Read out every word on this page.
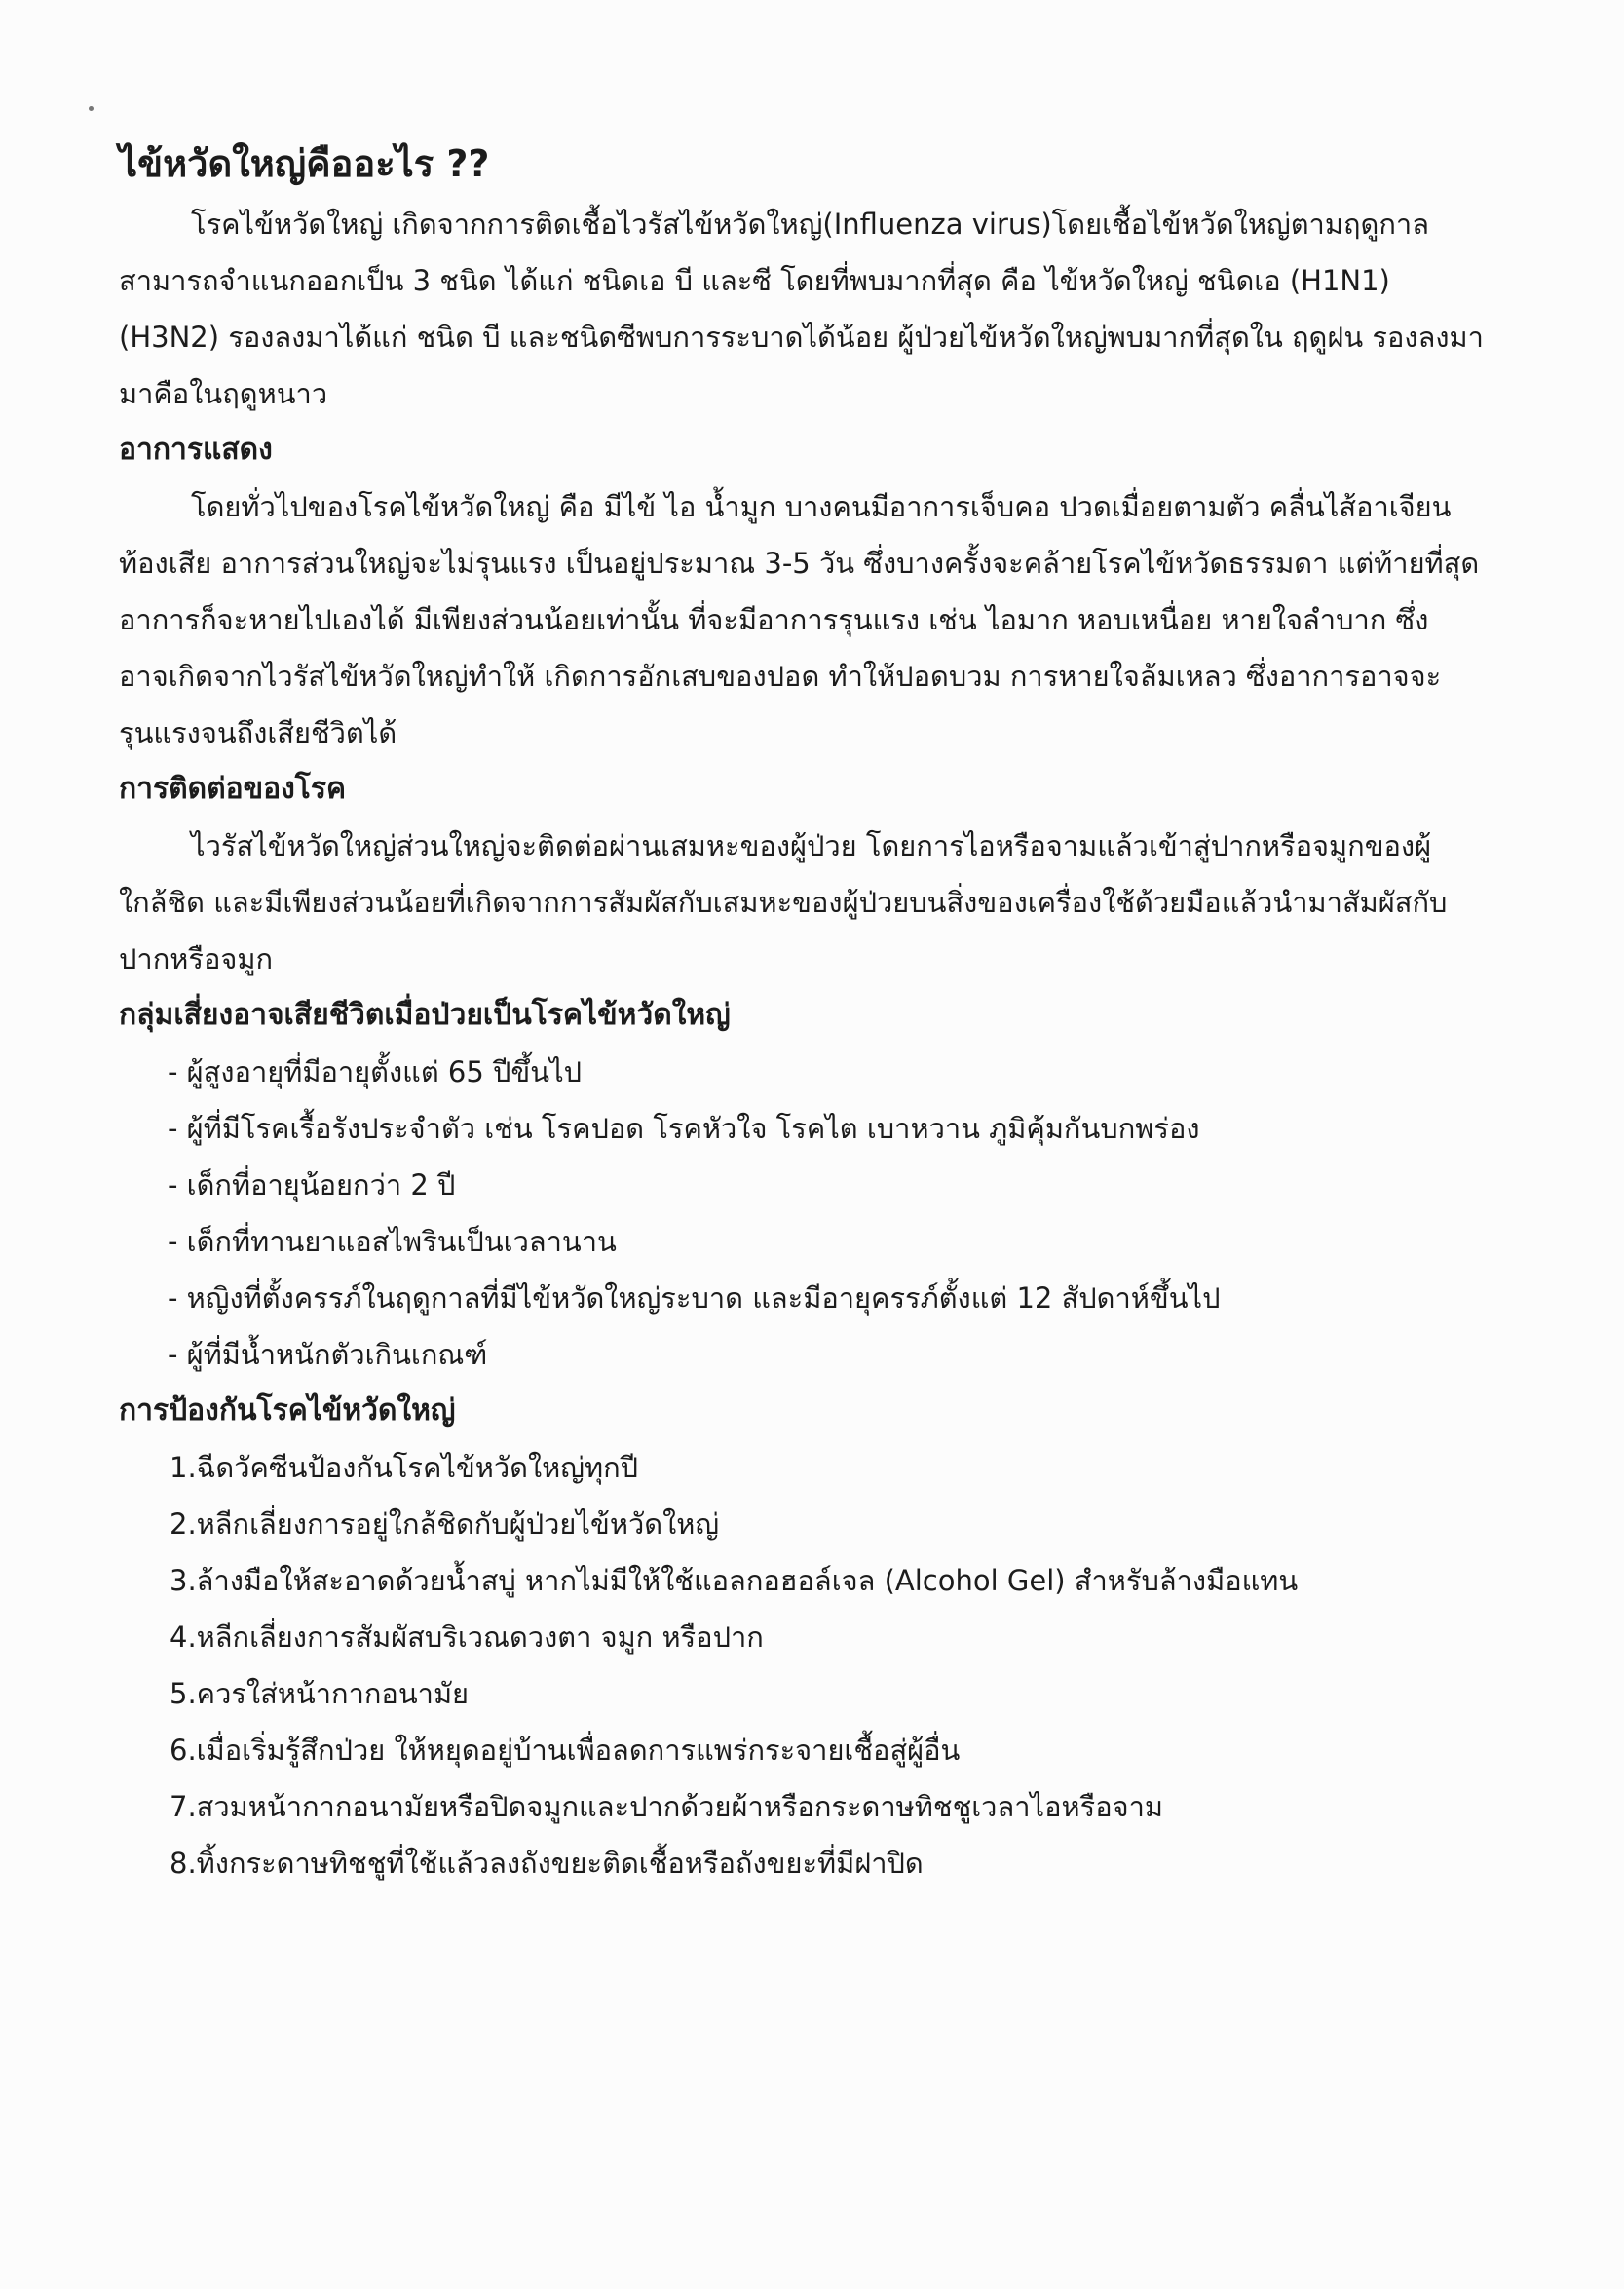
ไข้หวัดใหญ่คืออะไร ??
โรคไข้หวัดใหญ่ เกิดจากการติดเชื้อไวรัสไข้หวัดใหญ่(Influenza virus)โดยเชื้อไข้หวัดใหญ่ตามฤดูกาล
สามารถจำแนกออกเป็น 3 ชนิด ได้แก่ ชนิดเอ บี และซี โดยที่พบมากที่สุด คือ ไข้หวัดใหญ่ ชนิดเอ (H1N1)
(H3N2) รองลงมาได้แก่ ชนิด บี และชนิดซีพบการระบาดได้น้อย ผู้ป่วยไข้หวัดใหญ่พบมากที่สุดใน ฤดูฝน รองลงมา
มาคือในฤดูหนาว
อาการแสดง
โดยทั่วไปของโรคไข้หวัดใหญ่ คือ มีไข้ ไอ น้ำมูก บางคนมีอาการเจ็บคอ ปวดเมื่อยตามตัว คลื่นไส้อาเจียน
ท้องเสีย อาการส่วนใหญ่จะไม่รุนแรง เป็นอยู่ประมาณ 3-5 วัน ซึ่งบางครั้งจะคล้ายโรคไข้หวัดธรรมดา แต่ท้ายที่สุด
อาการก็จะหายไปเองได้ มีเพียงส่วนน้อยเท่านั้น ที่จะมีอาการรุนแรง เช่น ไอมาก หอบเหนื่อย หายใจลำบาก ซึ่ง
อาจเกิดจากไวรัสไข้หวัดใหญ่ทำให้ เกิดการอักเสบของปอด ทำให้ปอดบวม การหายใจล้มเหลว ซึ่งอาการอาจจะ
รุนแรงจนถึงเสียชีวิตได้
การติดต่อของโรค
ไวรัสไข้หวัดใหญ่ส่วนใหญ่จะติดต่อผ่านเสมหะของผู้ป่วย โดยการไอหรือจามแล้วเข้าสู่ปากหรือจมูกของผู้
ใกล้ชิด และมีเพียงส่วนน้อยที่เกิดจากการสัมผัสกับเสมหะของผู้ป่วยบนสิ่งของเครื่องใช้ด้วยมือแล้วนำมาสัมผัสกับ
ปากหรือจมูก
กลุ่มเสี่ยงอาจเสียชีวิตเมื่อป่วยเป็นโรคไข้หวัดใหญ่
- ผู้สูงอายุที่มีอายุตั้งแต่ 65 ปีขึ้นไป
- ผู้ที่มีโรคเรื้อรังประจำตัว เช่น โรคปอด โรคหัวใจ โรคไต เบาหวาน ภูมิคุ้มกันบกพร่อง
- เด็กที่อายุน้อยกว่า 2 ปี
- เด็กที่ทานยาแอสไพรินเป็นเวลานาน
- หญิงที่ตั้งครรภ์ในฤดูกาลที่มีไข้หวัดใหญ่ระบาด และมีอายุครรภ์ตั้งแต่ 12 สัปดาห์ขึ้นไป
- ผู้ที่มีน้ำหนักตัวเกินเกณฑ์
การป้องกันโรคไข้หวัดใหญ่
1.ฉีดวัคซีนป้องกันโรคไข้หวัดใหญ่ทุกปี
2.หลีกเลี่ยงการอยู่ใกล้ชิดกับผู้ป่วยไข้หวัดใหญ่
3.ล้างมือให้สะอาดด้วยน้ำสบู่ หากไม่มีให้ใช้แอลกอฮอล์เจล (Alcohol Gel) สำหรับล้างมือแทน
4.หลีกเลี่ยงการสัมผัสบริเวณดวงตา จมูก หรือปาก
5.ควรใส่หน้ากากอนามัย
6.เมื่อเริ่มรู้สึกป่วย ให้หยุดอยู่บ้านเพื่อลดการแพร่กระจายเชื้อสู่ผู้อื่น
7.สวมหน้ากากอนามัยหรือปิดจมูกและปากด้วยผ้าหรือกระดาษทิชชูเวลาไอหรือจาม
8.ทิ้งกระดาษทิชชูที่ใช้แล้วลงถังขยะติดเชื้อหรือถังขยะที่มีฝาปิด
